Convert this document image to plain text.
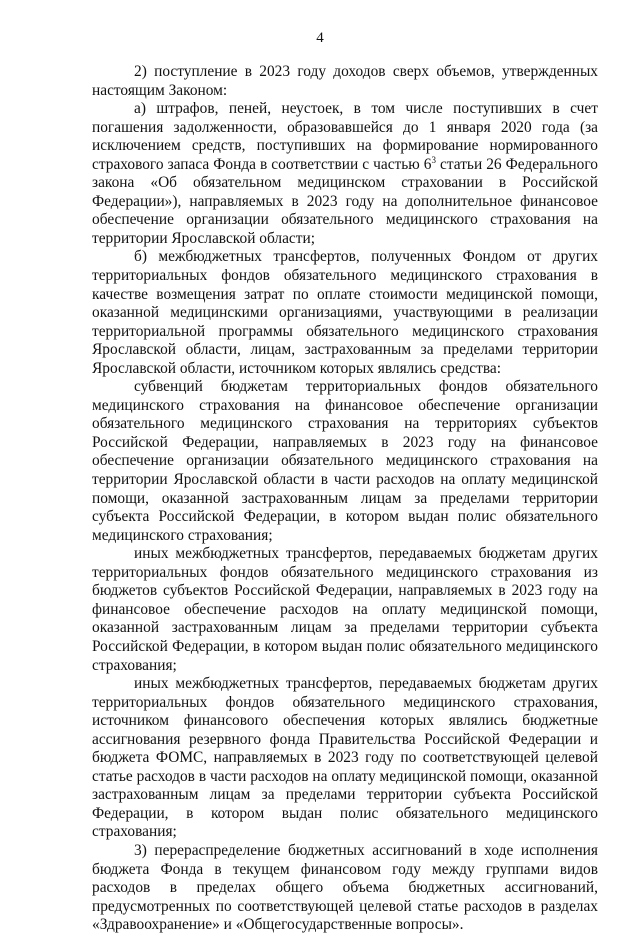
4

2) поступление в 2023 году доходов сверх объемов, утвержденных настоящим Законом:

а) штрафов, пеней, неустоек, в том числе поступивших в счет погашения задолженности, образовавшейся до 1 января 2020 года (за исключением средств, поступивших на формирование нормированного страхового запаса Фонда в соответствии с частью $6^3$ статьи 26 Федерального закона «Об обязательном медицинском страховании в Российской Федерации»), направляемых в 2023 году на дополнительное финансовое обеспечение организации обязательного медицинского страхования на территории Ярославской области;

б) межбюджетных трансфертов, полученных Фондом от других территориальных фондов обязательного медицинского страхования в качестве возмещения затрат по оплате стоимости медицинской помощи, оказанной медицинскими организациями, участвующими в реализации территориальной программы обязательного медицинского страхования Ярославской области, лицам, застрахованным за пределами территории Ярославской области, источником которых являлись средства:

субвенций бюджетам территориальных фондов обязательного медицинского страхования на финансовое обеспечение организации обязательного медицинского страхования на территориях субъектов Российской Федерации, направляемых в 2023 году на финансовое обеспечение организации обязательного медицинского страхования на территории Ярославской области в части расходов на оплату медицинской помощи, оказанной застрахованным лицам за пределами территории субъекта Российской Федерации, в котором выдан полис обязательного медицинского страхования;

иных межбюджетных трансфертов, передаваемых бюджетам других территориальных фондов обязательного медицинского страхования из бюджетов субъектов Российской Федерации, направляемых в 2023 году на финансовое обеспечение расходов на оплату медицинской помощи, оказанной застрахованным лицам за пределами территории субъекта Российской Федерации, в котором выдан полис обязательного медицинского страхования;

иных межбюджетных трансфертов, передаваемых бюджетам других территориальных фондов обязательного медицинского страхования, источником финансового обеспечения которых являлись бюджетные ассигнования резервного фонда Правительства Российской Федерации и бюджета ФОМС, направляемых в 2023 году по соответствующей целевой статье расходов в части расходов на оплату медицинской помощи, оказанной застрахованным лицам за пределами территории субъекта Российской Федерации, в котором выдан полис обязательного медицинского страхования;

3) перераспределение бюджетных ассигнований в ходе исполнения бюджета Фонда в текущем финансовом году между группами видов расходов в пределах общего объема бюджетных ассигнований, предусмотренных по соответствующей целевой статье расходов в разделах «Здравоохранение» и «Общегосударственные вопросы».
